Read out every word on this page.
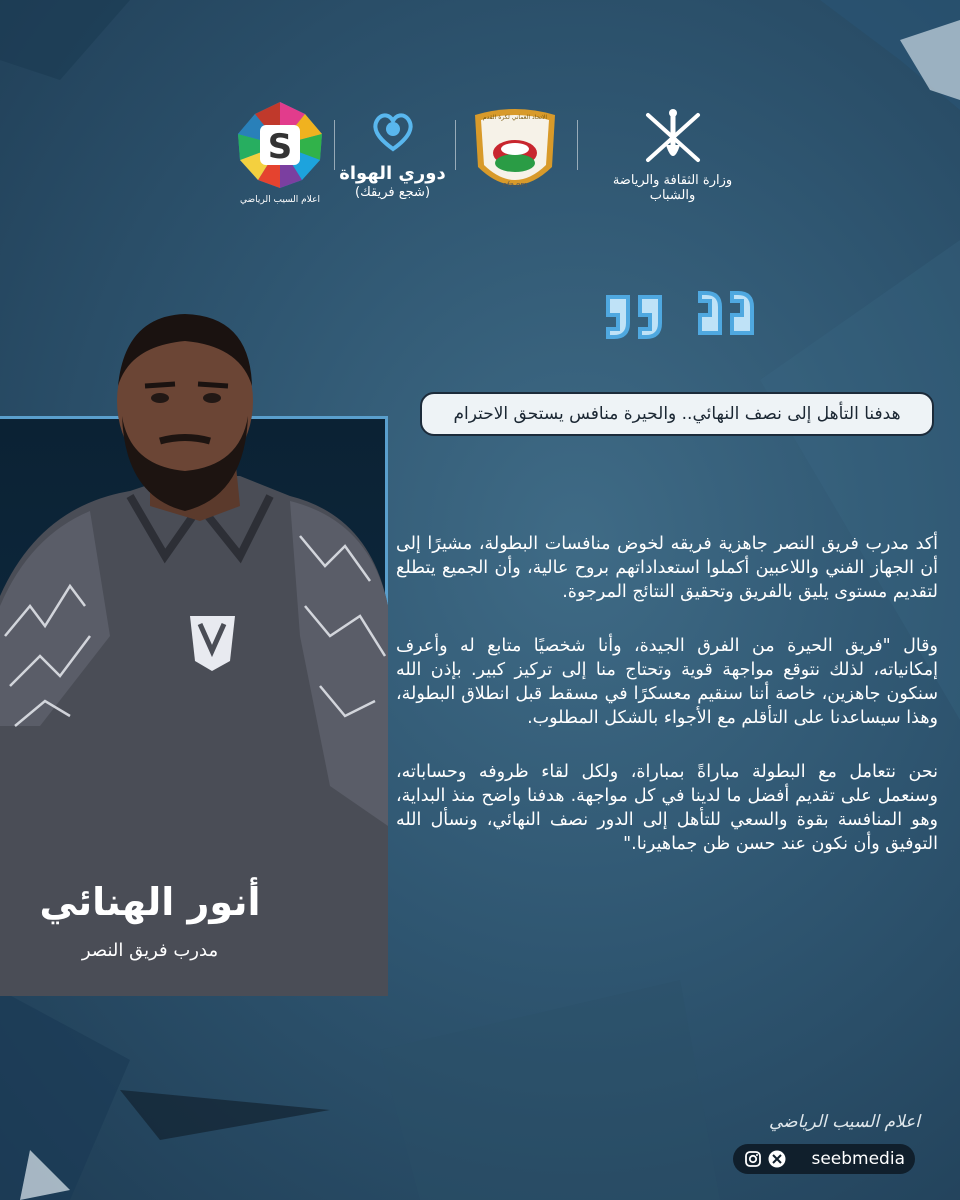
S
اعلام السيب الرياضي
دوري الهواة
(شجع فريقك)	efa.om
الاتحاد العماني لكرة القدم
وزارة الثقافة والرياضة والشباب
هدفنا التأهل إلى نصف النهائي.. والحيرة منافس يستحق الاحترام

أكد مدرب فريق النصر جاهزية فريقه لخوض منافسات البطولة، مشيرًا إلى أن الجهاز الفني واللاعبين أكملوا استعداداتهم بروح عالية، وأن الجميع يتطلع لتقديم مستوى يليق بالفريق وتحقيق النتائج المرجوة.

وقال "فريق الحيرة من الفرق الجيدة، وأنا شخصيًا متابع له وأعرف إمكانياته، لذلك نتوقع مواجهة قوية وتحتاج منا إلى تركيز كبير. بإذن الله سنكون جاهزين، خاصة أننا سنقيم معسكرًا في مسقط قبل انطلاق البطولة، وهذا سيساعدنا على التأقلم مع الأجواء بالشكل المطلوب.

نحن نتعامل مع البطولة مباراةً بمباراة، ولكل لقاء ظروفه وحساباته، وسنعمل على تقديم أفضل ما لدينا في كل مواجهة. هدفنا واضح منذ البداية، وهو المنافسة بقوة والسعي للتأهل إلى الدور نصف النهائي، ونسأل الله التوفيق وأن نكون عند حسن ظن جماهيرنا."

أنور الهنائي
مدرب فريق النصر
اعلام السيب الرياضي
seebmedia
